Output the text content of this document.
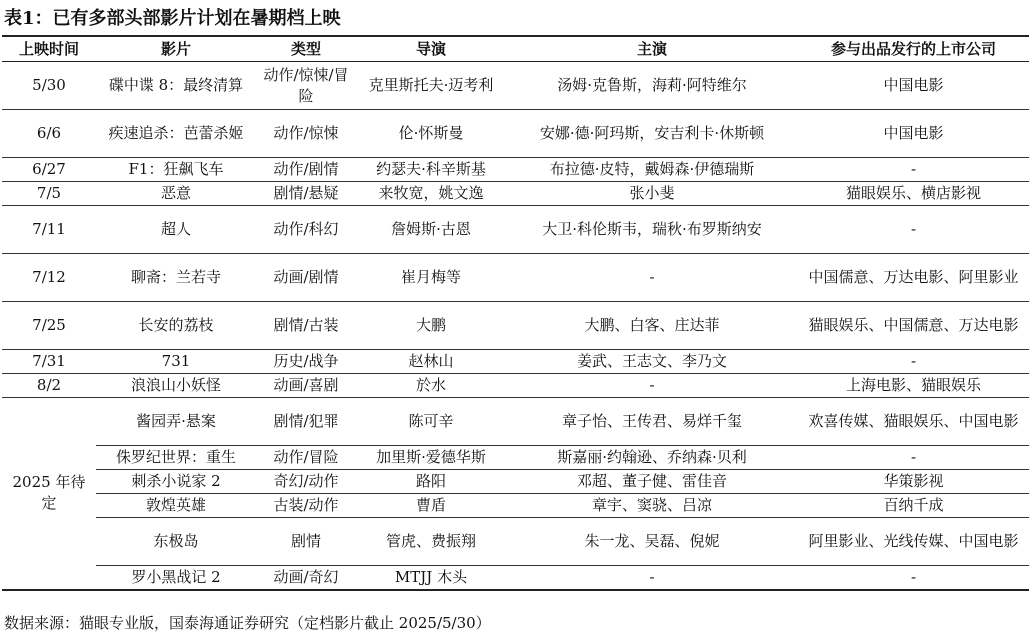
表1：已有多部头部影片计划在暑期档上映
上映时间	影片	类型	导演	主演	参与出品发行的上市公司
5/30	碟中谍 8：最终清算	动作/惊悚/冒险	克里斯托夫·迈考利	汤姆·克鲁斯，海莉·阿特维尔	中国电影
6/6	疾速追杀：芭蕾杀姬	动作/惊悚	伦·怀斯曼	安娜·德·阿玛斯，安吉利卡·休斯顿	中国电影
6/27	F1：狂飙飞车	动作/剧情	约瑟夫·科辛斯基	布拉德·皮特，戴姆森·伊德瑞斯	-
7/5	恶意	剧情/悬疑	来牧宽，姚文逸	张小斐	猫眼娱乐、横店影视
7/11	超人	动作/科幻	詹姆斯·古恩	大卫·科伦斯韦，瑞秋·布罗斯纳安	-
7/12	聊斋：兰若寺	动画/剧情	崔月梅等	-	中国儒意、万达电影、阿里影业
7/25	长安的荔枝	剧情/古装	大鹏	大鹏、白客、庄达菲	猫眼娱乐、中国儒意、万达电影
7/31	731	历史/战争	赵林山	姜武、王志文、李乃文	-
8/2	浪浪山小妖怪	动画/喜剧	於水	-	上海电影、猫眼娱乐
2025 年待定	酱园弄·悬案	剧情/犯罪	陈可辛	章子怡、王传君、易烊千玺	欢喜传媒、猫眼娱乐、中国电影
	侏罗纪世界：重生	动作/冒险	加里斯·爱德华斯	斯嘉丽·约翰逊、乔纳森·贝利	-
	刺杀小说家 2	奇幻/动作	路阳	邓超、董子健、雷佳音	华策影视
	敦煌英雄	古装/动作	曹盾	章宇、窦骁、吕凉	百纳千成
	东极岛	剧情	管虎、费振翔	朱一龙、吴磊、倪妮	阿里影业、光线传媒、中国电影
	罗小黑战记 2	动画/奇幻	MTJJ 木头	-	-
数据来源：猫眼专业版，国泰海通证券研究（定档影片截止 2025/5/30）
